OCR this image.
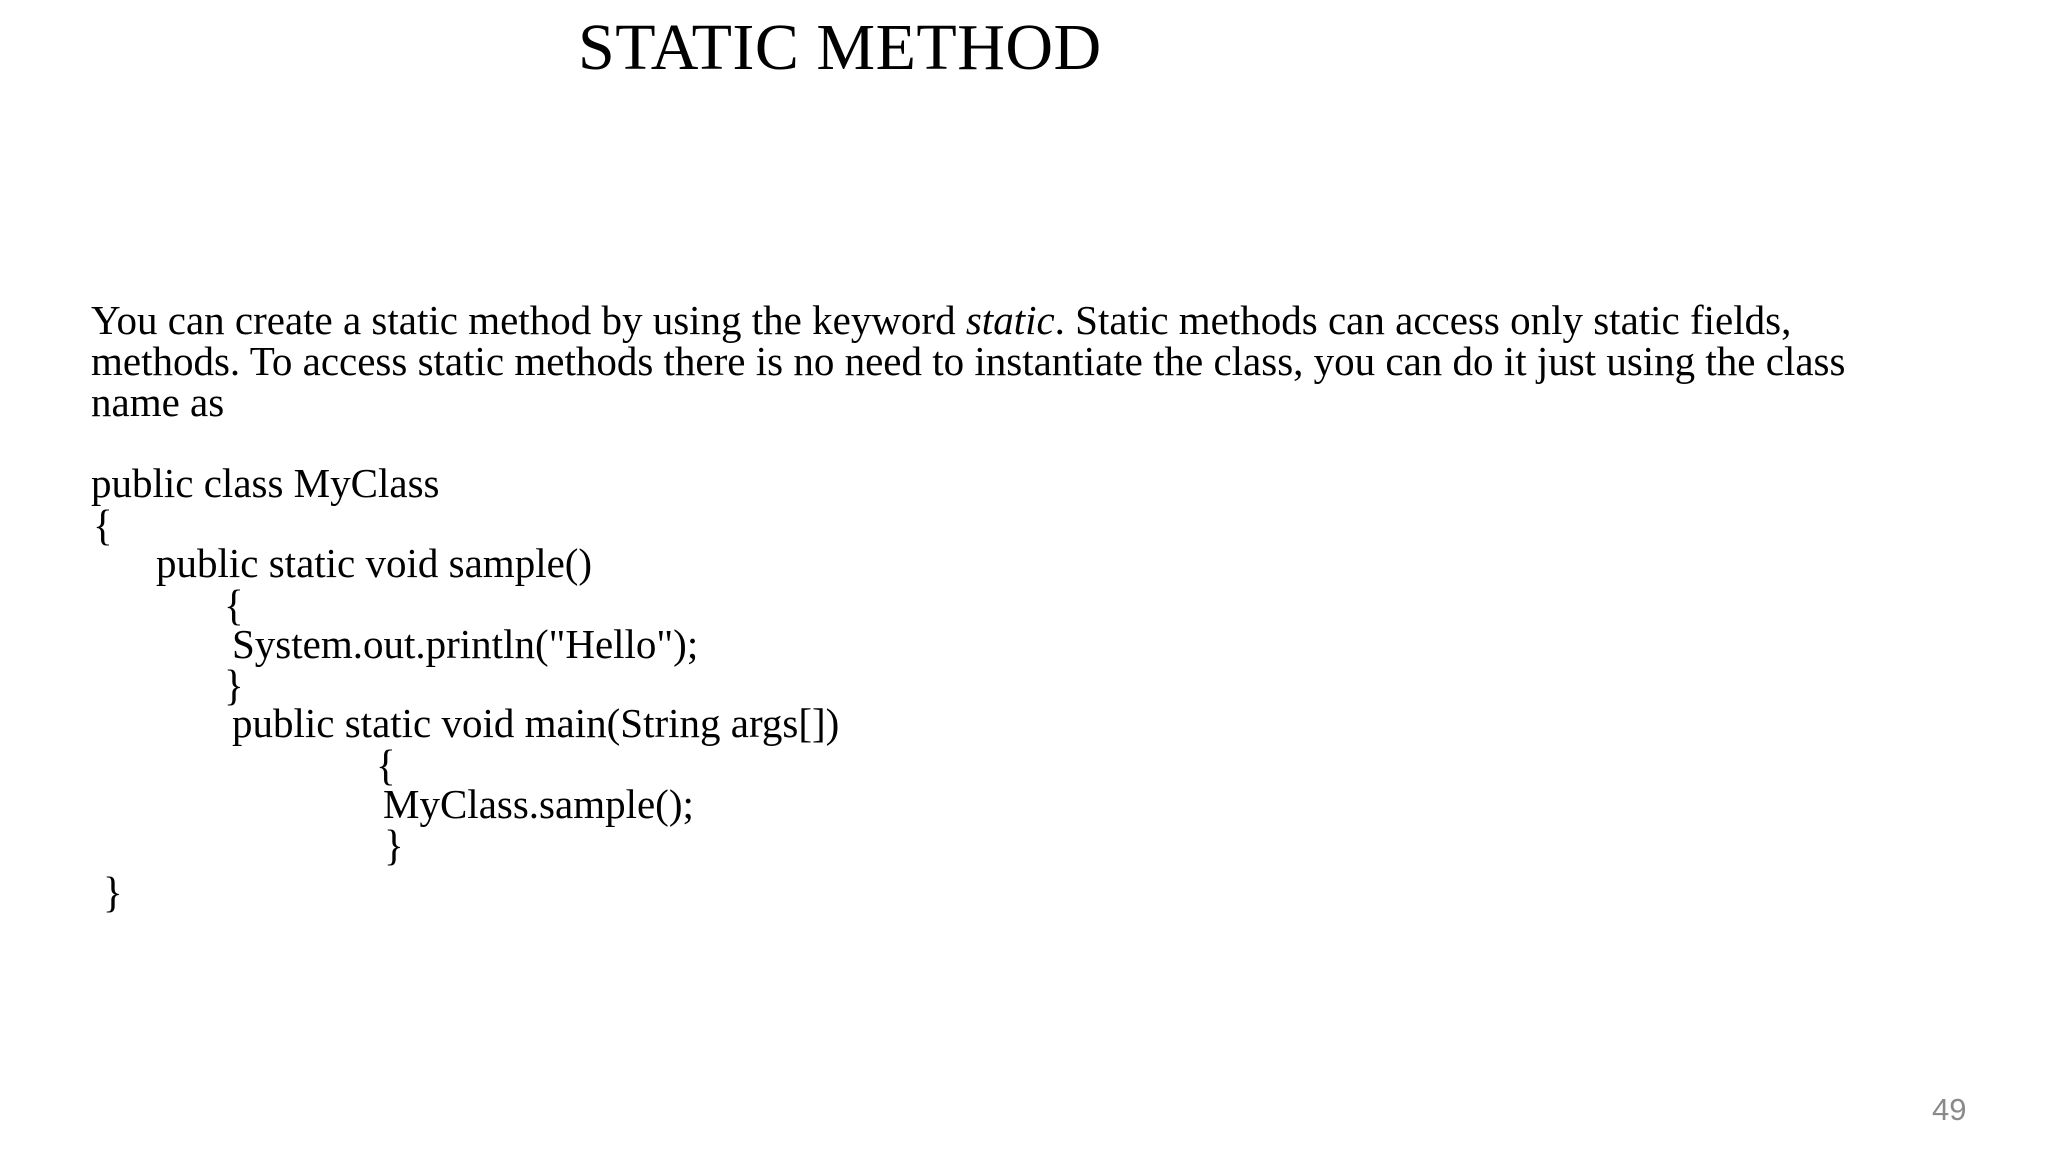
STATIC METHOD
You can create a static method by using the keyword static. Static methods can access only static fields,
methods. To access static methods there is no need to instantiate the class, you can do it just using the class
name as
public class MyClass
{
public static void sample()
{
System.out.println("Hello");
}
public static void main(String args[])
{
MyClass.sample();
}
}
49
